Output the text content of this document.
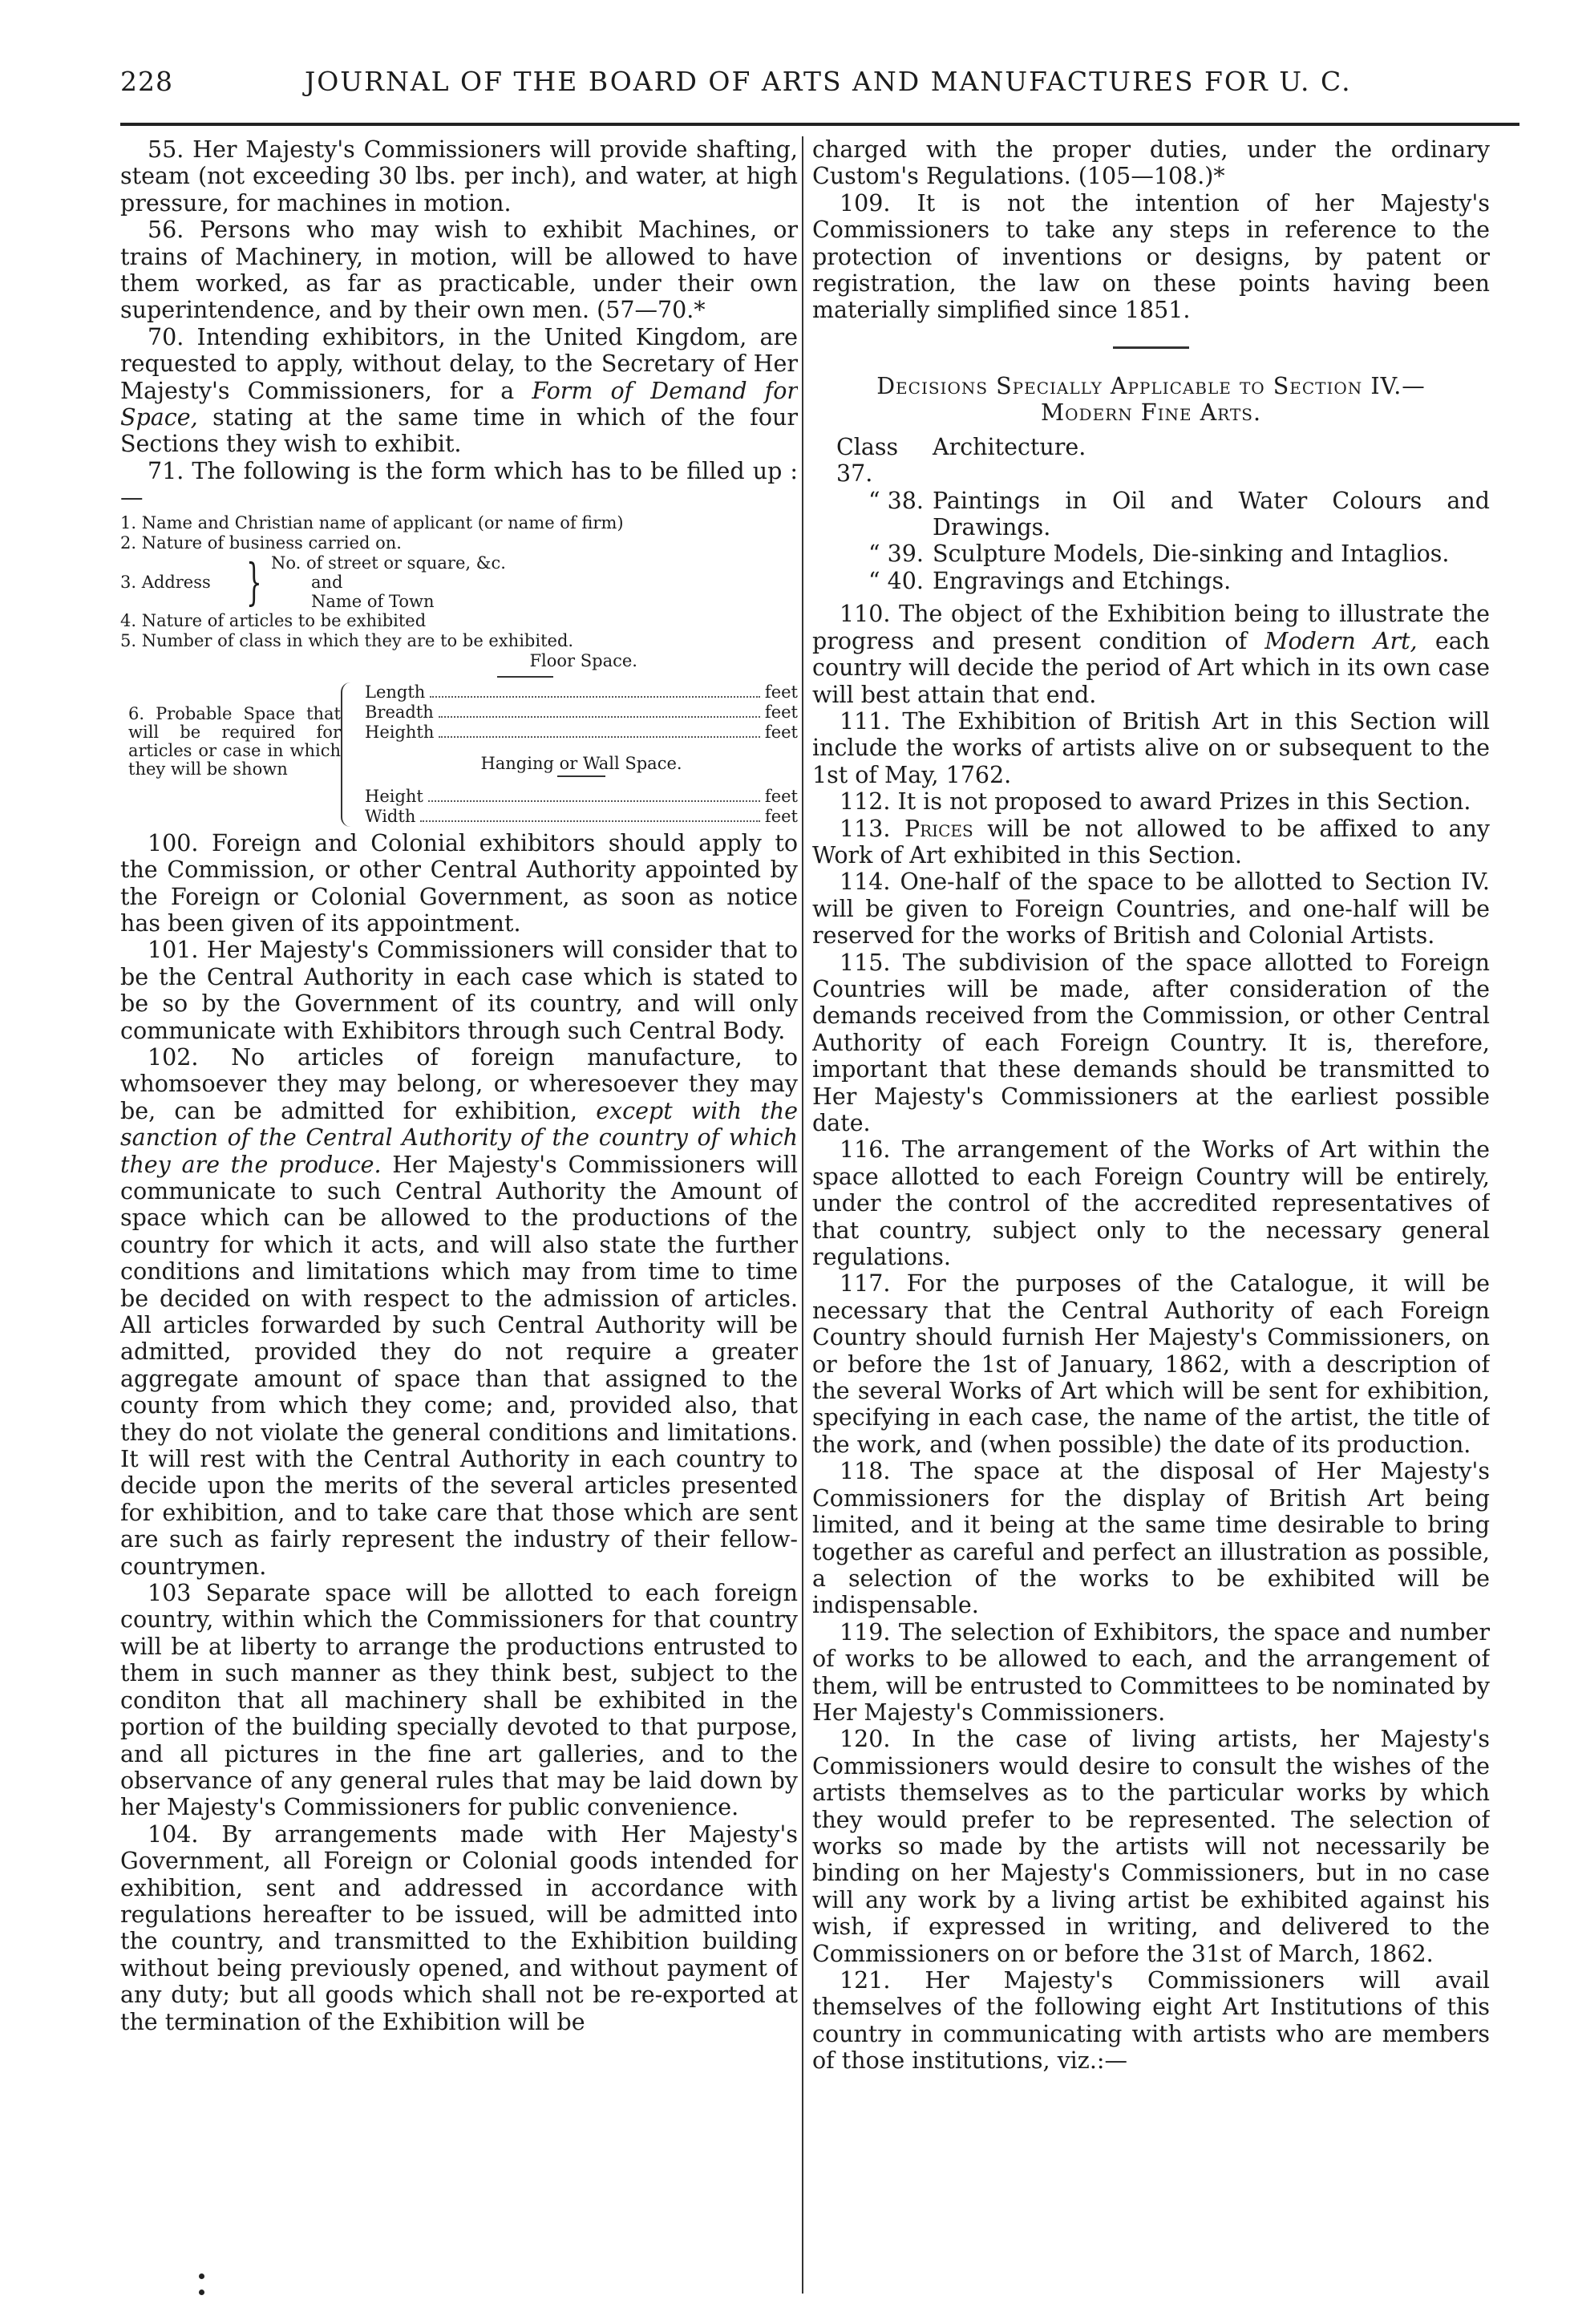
228	JOURNAL OF THE BOARD OF ARTS AND MANUFACTURES FOR U. C.

55. Her Majesty's Commissioners will provide shafting, steam (not exceeding 30 lbs. per inch), and water, at high pressure, for machines in motion.

56. Persons who may wish to exhibit Machines, or trains of Machinery, in motion, will be allowed to have them worked, as far as practicable, under their own superintendence, and by their own men. (57—70.*

70. Intending exhibitors, in the United Kingdom, are requested to apply, without delay, to the Secretary of Her Majesty's Commissioners, for a Form of Demand for Space, stating at the same time in which of the four Sections they wish to exhibit.

71. The following is the form which has to be filled up :—

1. Name and Christian name of applicant (or name of firm)

2. Nature of business carried on.

3. Address } No. of street or square, &c.
and
Name of Town

4. Nature of articles to be exhibited

5. Number of class in which they are to be exhibited.

Floor Space.

6. Probable Space that will be required for articles or case in which they will be shown
Length	feet
Breadth	feet
Heighth	feet
Hanging or Wall Space.
Height	feet
Width	feet

100. Foreign and Colonial exhibitors should apply to the Commission, or other Central Authority appointed by the Foreign or Colonial Government, as soon as notice has been given of its appointment.

101. Her Majesty's Commissioners will consider that to be the Central Authority in each case which is stated to be so by the Government of its country, and will only communicate with Exhibitors through such Central Body.

102. No articles of foreign manufacture, to whomsoever they may belong, or wheresoever they may be, can be admitted for exhibition, except with the sanction of the Central Authority of the country of which they are the produce. Her Majesty's Commissioners will communicate to such Central Authority the Amount of space which can be allowed to the productions of the country for which it acts, and will also state the further conditions and limitations which may from time to time be decided on with respect to the admission of articles. All articles forwarded by such Central Authority will be admitted, provided they do not require a greater aggregate amount of space than that assigned to the county from which they come; and, provided also, that they do not violate the general conditions and limitations. It will rest with the Central Authority in each country to decide upon the merits of the several articles presented for exhibition, and to take care that those which are sent are such as fairly represent the industry of their fellow-countrymen.

103 Separate space will be allotted to each foreign country, within which the Commissioners for that country will be at liberty to arrange the productions entrusted to them in such manner as they think best, subject to the conditon that all machinery shall be exhibited in the portion of the building specially devoted to that purpose, and all pictures in the fine art galleries, and to the observance of any general rules that may be laid down by her Majesty's Commissioners for public convenience.

104. By arrangements made with Her Majesty's Government, all Foreign or Colonial goods intended for exhibition, sent and addressed in accordance with regulations hereafter to be issued, will be admitted into the country, and transmitted to the Exhibition building without being previously opened, and without payment of any duty; but all goods which shall not be re-exported at the termination of the Exhibition will be

charged with the proper duties, under the ordinary Custom's Regulations. (105—108.)*

109. It is not the intention of her Majesty's Commissioners to take any steps in reference to the protection of inventions or designs, by patent or registration, the law on these points having been materially simplified since 1851.

Decisions Specially Applicable to Section IV.—
Modern Fine Arts.
Class 37.
Architecture.
“ 38. Paintings in Oil and Water Colours and Drawings.
“ 39. Sculpture Models, Die-sinking and Intaglios.
“ 40. Engravings and Etchings.

110. The object of the Exhibition being to illustrate the progress and present condition of Modern Art, each country will decide the period of Art which in its own case will best attain that end.

111. The Exhibition of British Art in this Section will include the works of artists alive on or subsequent to the 1st of May, 1762.

112. It is not proposed to award Prizes in this Section.

113. Prices will be not allowed to be affixed to any Work of Art exhibited in this Section.

114. One-half of the space to be allotted to Section IV. will be given to Foreign Countries, and one-half will be reserved for the works of British and Colonial Artists.

115. The subdivision of the space allotted to Foreign Countries will be made, after consideration of the demands received from the Commission, or other Central Authority of each Foreign Country. It is, therefore, important that these demands should be transmitted to Her Majesty's Commissioners at the earliest possible date.

116. The arrangement of the Works of Art within the space allotted to each Foreign Country will be entirely, under the control of the accredited representatives of that country, subject only to the necessary general regulations.

117. For the purposes of the Catalogue, it will be necessary that the Central Authority of each Foreign Country should furnish Her Majesty's Commissioners, on or before the 1st of January, 1862, with a description of the several Works of Art which will be sent for exhibition, specifying in each case, the name of the artist, the title of the work, and (when possible) the date of its production.

118. The space at the disposal of Her Majesty's Commissioners for the display of British Art being limited, and it being at the same time desirable to bring together as careful and perfect an illustration as possible, a selection of the works to be exhibited will be indispensable.

119. The selection of Exhibitors, the space and number of works to be allowed to each, and the arrangement of them, will be entrusted to Committees to be nominated by Her Majesty's Commissioners.

120. In the case of living artists, her Majesty's Commissioners would desire to consult the wishes of the artists themselves as to the particular works by which they would prefer to be represented. The selection of works so made by the artists will not necessarily be binding on her Majesty's Commissioners, but in no case will any work by a living artist be exhibited against his wish, if expressed in writing, and delivered to the Commissioners on or before the 31st of March, 1862.

121. Her Majesty's Commissioners will avail themselves of the following eight Art Institutions of this country in communicating with artists who are members of those institutions, viz.:—
